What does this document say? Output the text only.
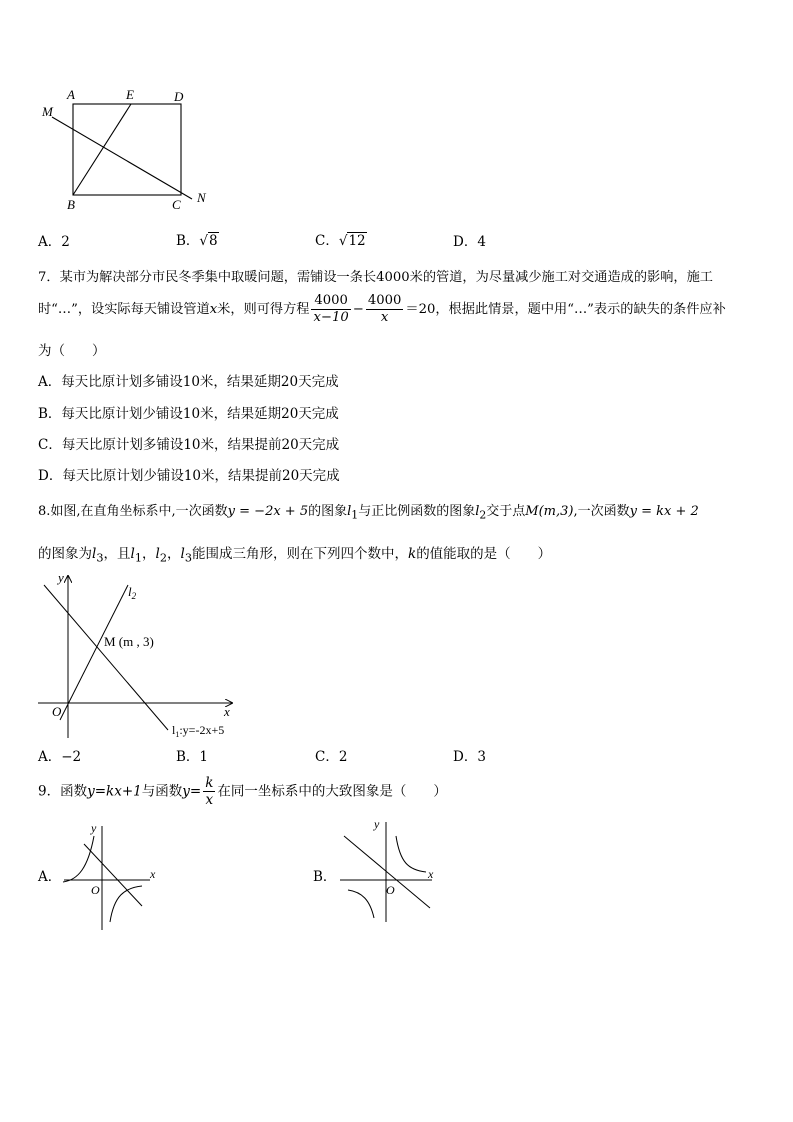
A	E	D
M
B	C N
A．2	B．√8	C．√12	D．4
7．某市为解决部分市民冬季集中取暖问题，需铺设一条长4000米的管道，为尽量减少施工对交通造成的影响，施工
时“…”，设实际每天铺设管道x米，则可得方程 $\frac{4000}{x-10} - \frac{4000}{x} =20$，根据此情景，题中用“…”表示的缺失的条件应补
为（　　）
A．每天比原计划多铺设10米，结果延期20天完成
B．每天比原计划少铺设10米，结果延期20天完成
C．每天比原计划多铺设10米，结果提前20天完成
D．每天比原计划少铺设10米，结果提前20天完成
8.如图,在直角坐标系中,一次函数y = −2x + 5的图象$l_1$与正比例函数的图象$l_2$交于点M(m,3),一次函数y = kx + 2
的图象为$l_3$，且$l_1$，$l_2$，$l_3$能围成三角形，则在下列四个数中，k的值能取的是（　　）
y
x
O
$l_2$
M (m , 3)
$l_1:y=-2x+5$
A．−2	B．1	C．2	D．3
9．函数y=kx+1与函数$y= \frac{k}{x}$ 在同一坐标系中的大致图象是（　　）
A．
y
x
O
B．
y
x
O
